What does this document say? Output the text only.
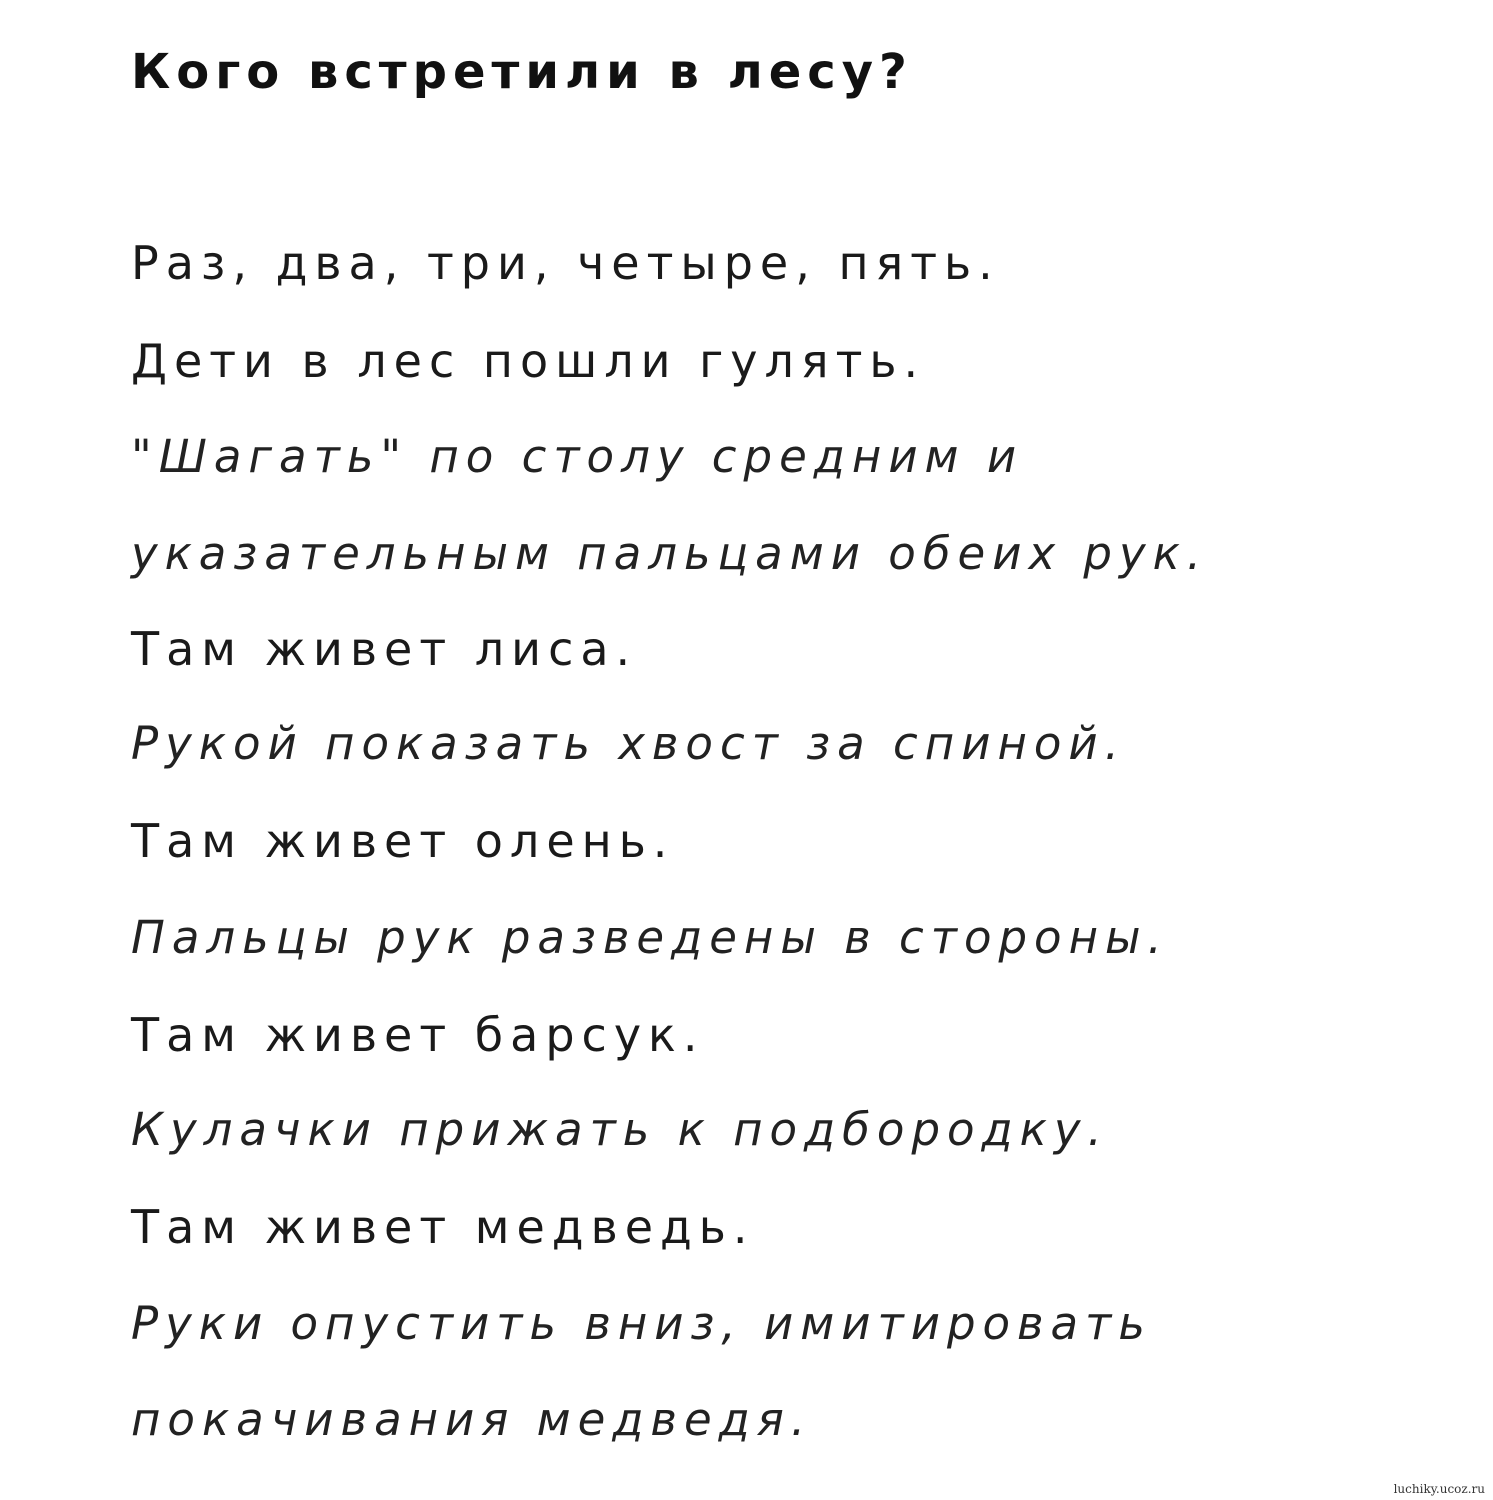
Кого встретили в лесу?

Раз, два, три, четыре, пять.

Дети в лес пошли гулять.

"Шагать" по столу средним и

указательным пальцами обеих рук.

Там живет лиса.

Рукой показать хвост за спиной.

Там живет олень.

Пальцы рук разведены в стороны.

Там живет барсук.

Кулачки прижать к подбородку.

Там живет медведь.

Руки опустить вниз, имитировать

покачивания медведя.

luchiky.ucoz.ru
